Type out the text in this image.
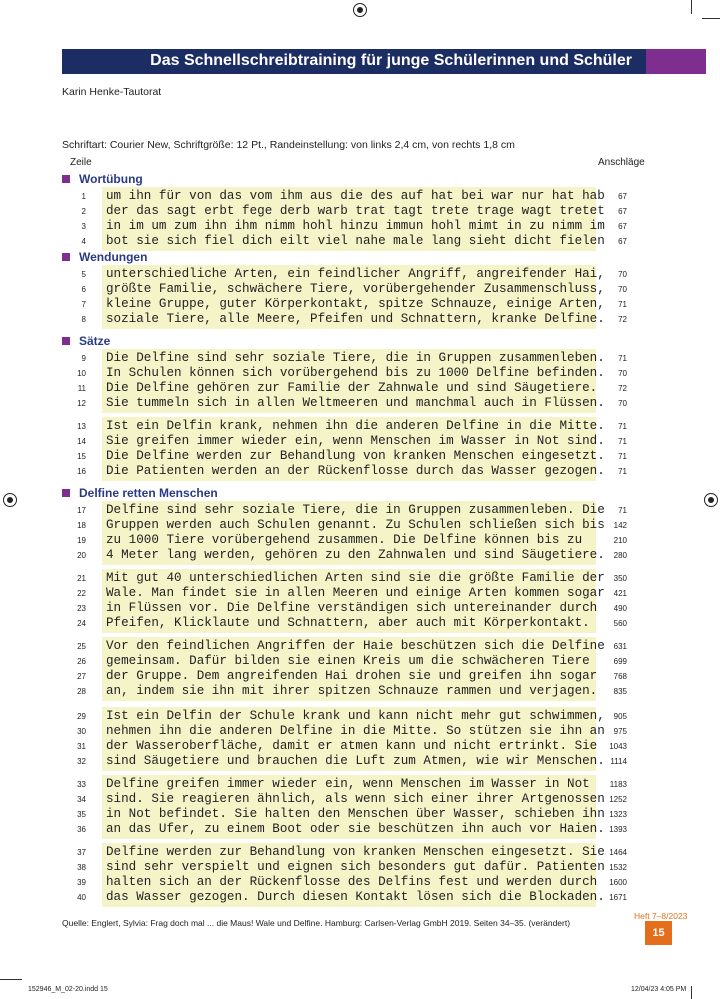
Das Schnellschreibtraining für junge Schülerinnen und Schüler
Karin Henke-Tautorat
Schriftart: Courier New, Schriftgröße: 12 Pt., Randeinstellung: von links 2,4 cm, von rechts 1,8 cm
Zeile	Anschläge
Wortübung
1 um ihn für von das vom ihm aus die des auf hat bei war nur hat hab	67
2 der das sagt erbt fege derb warb trat tagt trete trage wagt tretet	67
3 in im um zum ihn ihm nimm hohl hinzu immun hohl mimt in zu nimm im	67
4 bot sie sich fiel dich eilt viel nahe male lang sieht dicht fielen	67
Wendungen
5 unterschiedliche Arten, ein feindlicher Angriff, angreifender Hai,	70
6 größte Familie, schwächere Tiere, vorübergehender Zusammenschluss,	70
7 kleine Gruppe, guter Körperkontakt, spitze Schnauze, einige Arten,	71
8 soziale Tiere, alle Meere, Pfeifen und Schnattern, kranke Delfine.	72
Sätze
9 Die Delfine sind sehr soziale Tiere, die in Gruppen zusammenleben.	71
10 In Schulen können sich vorübergehend bis zu 1000 Delfine befinden.	70
11 Die Delfine gehören zur Familie der Zahnwale und sind Säugetiere.	72
12 Sie tummeln sich in allen Weltmeeren und manchmal auch in Flüssen.	70
13 Ist ein Delfin krank, nehmen ihn die anderen Delfine in die Mitte.	71
14 Sie greifen immer wieder ein, wenn Menschen im Wasser in Not sind.	71
15 Die Delfine werden zur Behandlung von kranken Menschen eingesetzt.	71
16 Die Patienten werden an der Rückenflosse durch das Wasser gezogen.	71
Delfine retten Menschen
17 Delfine sind sehr soziale Tiere, die in Gruppen zusammenleben. Die	71
18 Gruppen werden auch Schulen genannt. Zu Schulen schließen sich bis	142
19 zu 1000 Tiere vorübergehend zusammen. Die Delfine können bis zu	210
20 4 Meter lang werden, gehören zu den Zahnwalen und sind Säugetiere.	280
21 Mit gut 40 unterschiedlichen Arten sind sie die größte Familie der	350
22 Wale. Man findet sie in allen Meeren und einige Arten kommen sogar	421
23 in Flüssen vor. Die Delfine verständigen sich untereinander durch	490
24 Pfeifen, Klicklaute und Schnattern, aber auch mit Körperkontakt.	560
25 Vor den feindlichen Angriffen der Haie beschützen sich die Delfine	631
26 gemeinsam. Dafür bilden sie einen Kreis um die schwächeren Tiere	699
27 der Gruppe. Dem angreifenden Hai drohen sie und greifen ihn sogar	768
28 an, indem sie ihn mit ihrer spitzen Schnauze rammen und verjagen.	835
29 Ist ein Delfin der Schule krank und kann nicht mehr gut schwimmen,	905
30 nehmen ihn die anderen Delfine in die Mitte. So stützen sie ihn an	975
31 der Wasseroberfläche, damit er atmen kann und nicht ertrinkt. Sie	1043
32 sind Säugetiere und brauchen die Luft zum Atmen, wie wir Menschen. 1114
33 Delfine greifen immer wieder ein, wenn Menschen im Wasser in Not	1183
34 sind. Sie reagieren ähnlich, als wenn sich einer ihrer Artgenossen 1252
35 in Not befindet. Sie halten den Menschen über Wasser, schieben ihn 1323
36 an das Ufer, zu einem Boot oder sie beschützen ihn auch vor Haien. 1393
37 Delfine werden zur Behandlung von kranken Menschen eingesetzt. Sie 1464
38 sind sehr verspielt und eignen sich besonders gut dafür. Patienten 1532
39 halten sich an der Rückenflosse des Delfins fest und werden durch	1600
40 das Wasser gezogen. Durch diesen Kontakt lösen sich die Blockaden. 1671
Quelle: Englert, Sylvia: Frag doch mal ... die Maus! Wale und Delfine. Hamburg: Carlsen-Verlag GmbH 2019. Seiten 34–35. (verändert)
Heft 7–8/2023
15
152946_M_02-20.indd 15	12/04/23 4:05 PM
